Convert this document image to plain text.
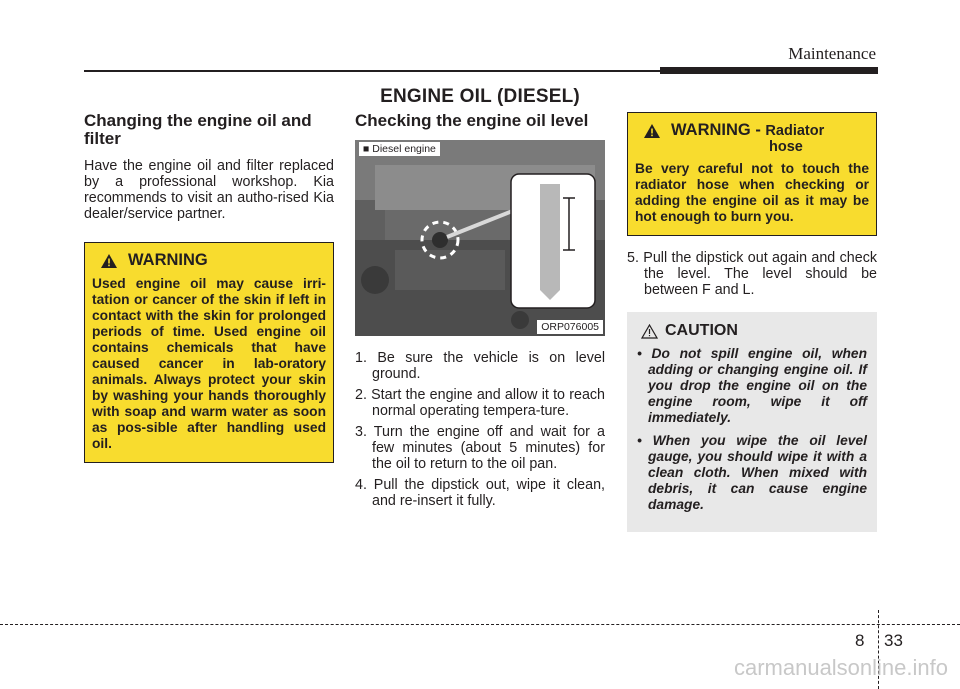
Maintenance
ENGINE OIL (DIESEL)
Changing the engine oil and filter

Have the engine oil and filter replaced by a professional workshop. Kia recommends to visit an autho-rised Kia dealer/service partner.

WARNING
Used engine oil may cause irri-tation or cancer of the skin if left in contact with the skin for prolonged periods of time. Used engine oil contains chemicals that have caused cancer in lab-oratory animals. Always protect your skin by washing your hands thoroughly with soap and warm water as soon as pos-sible after handling used oil.
Checking the engine oil level
■ Diesel engine
ORP076005
1. Be sure the vehicle is on level ground.
2. Start the engine and allow it to reach normal operating tempera-ture.
3. Turn the engine off and wait for a few minutes (about 5 minutes) for the oil to return to the oil pan.
4. Pull the dipstick out, wipe it clean, and re-insert it fully.
WARNING - Radiator
hose
Be very careful not to touch the radiator hose when checking or adding the engine oil as it may be hot enough to burn you.
5. Pull the dipstick out again and check the level. The level should be between F and L.
CAUTION
• Do not spill engine oil, when adding or changing engine oil. If you drop the engine oil on the engine room, wipe it off immediately.
• When you wipe the oil level gauge, you should wipe it with a clean cloth. When mixed with debris, it can cause engine damage.
8 33
carmanualsonline.info
